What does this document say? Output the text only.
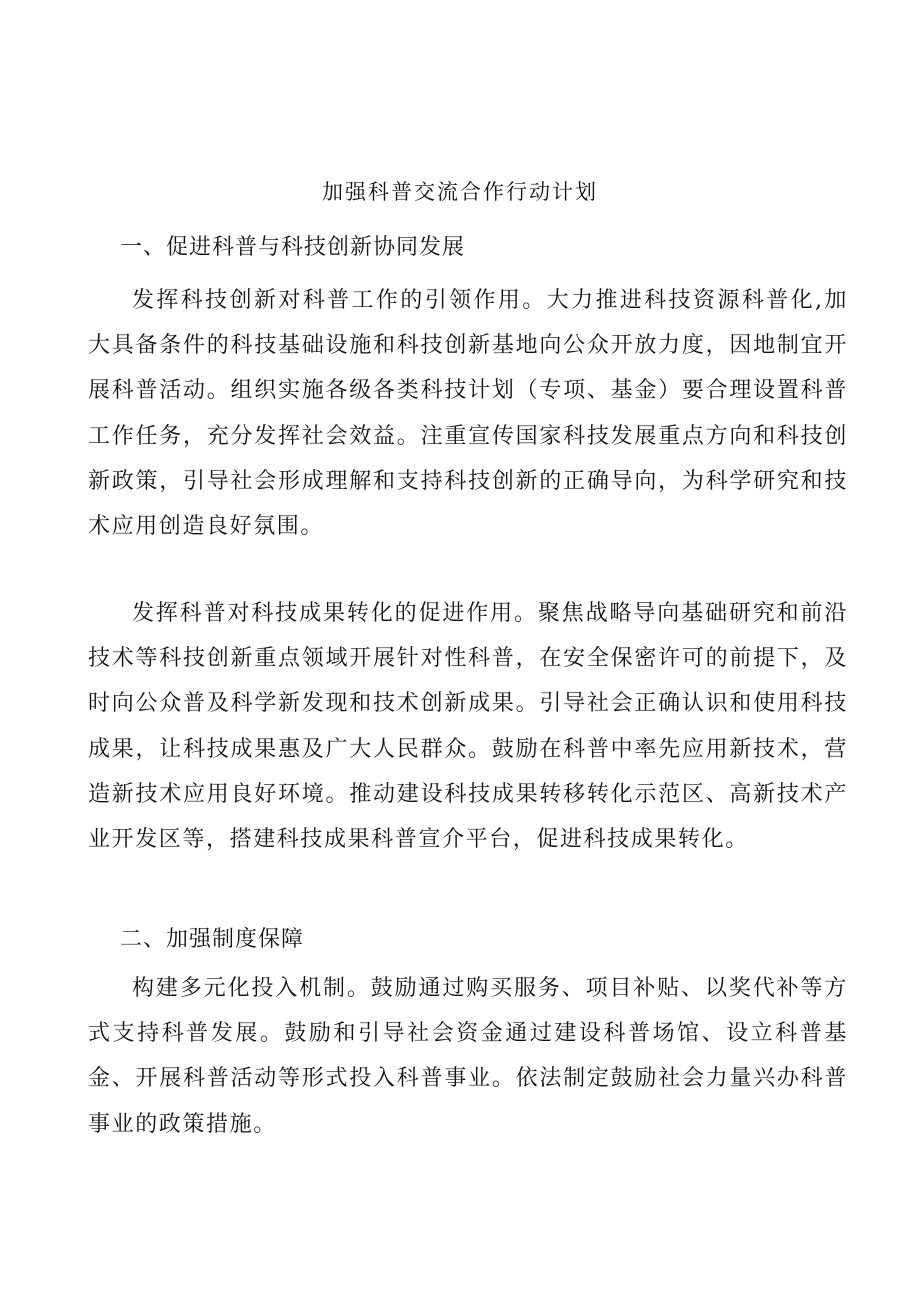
加强科普交流合作行动计划
一、促进科普与科技创新协同发展

发挥科技创新对科普工作的引领作用。大力推进科技资源科普化,加大具备条件的科技基础设施和科技创新基地向公众开放力度，因地制宜开展科普活动。组织实施各级各类科技计划（专项、基金）要合理设置科普工作任务，充分发挥社会效益。注重宣传国家科技发展重点方向和科技创新政策，引导社会形成理解和支持科技创新的正确导向，为科学研究和技术应用创造良好氛围。

发挥科普对科技成果转化的促进作用。聚焦战略导向基础研究和前沿技术等科技创新重点领域开展针对性科普，在安全保密许可的前提下，及时向公众普及科学新发现和技术创新成果。引导社会正确认识和使用科技成果，让科技成果惠及广大人民群众。鼓励在科普中率先应用新技术，营造新技术应用良好环境。推动建设科技成果转移转化示范区、高新技术产业开发区等，搭建科技成果科普宣介平台，促进科技成果转化。

二、加强制度保障

构建多元化投入机制。鼓励通过购买服务、项目补贴、以奖代补等方式支持科普发展。鼓励和引导社会资金通过建设科普场馆、设立科普基金、开展科普活动等形式投入科普事业。依法制定鼓励社会力量兴办科普事业的政策措施。
